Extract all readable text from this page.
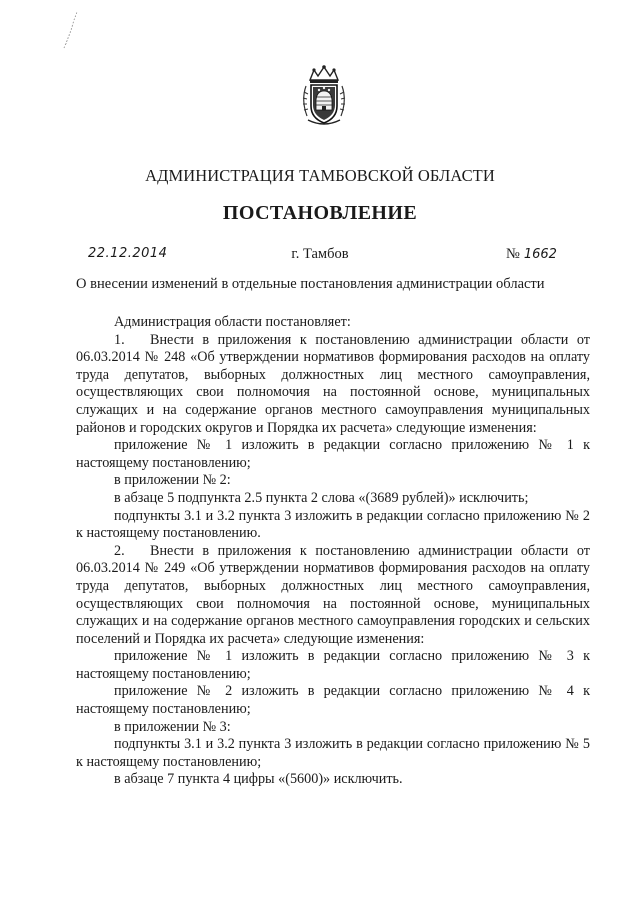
АДМИНИСТРАЦИЯ ТАМБОВСКОЙ ОБЛАСТИ
ПОСТАНОВЛЕНИЕ
22.12.2014	г. Тамбов	№ 1662
О внесении изменений в отдельные постановления администрации области

Администрация области постановляет:

1. Внести в приложения к постановлению администрации области от 06.03.2014 № 248 «Об утверждении нормативов формирования расходов на оплату труда депутатов, выборных должностных лиц местного самоуправления, осуществляющих свои полномочия на постоянной основе, муниципальных служащих и на содержание органов местного самоуправления муниципальных районов и городских округов и Порядка их расчета» следующие изменения:

приложение № 1 изложить в редакции согласно приложению № 1 к настоящему постановлению;

в приложении № 2:

в абзаце 5 подпункта 2.5 пункта 2 слова «(3689 рублей)» исключить;

подпункты 3.1 и 3.2 пункта 3 изложить в редакции согласно приложению № 2 к настоящему постановлению.

2. Внести в приложения к постановлению администрации области от 06.03.2014 № 249 «Об утверждении нормативов формирования расходов на оплату труда депутатов, выборных должностных лиц местного самоуправления, осуществляющих свои полномочия на постоянной основе, муниципальных служащих и на содержание органов местного самоуправления городских и сельских поселений и Порядка их расчета» следующие изменения:

приложение № 1 изложить в редакции согласно приложению № 3 к настоящему постановлению;

приложение № 2 изложить в редакции согласно приложению № 4 к настоящему постановлению;

в приложении № 3:

подпункты 3.1 и 3.2 пункта 3 изложить в редакции согласно приложению № 5 к настоящему постановлению;

в абзаце 7 пункта 4 цифры «(5600)» исключить.
